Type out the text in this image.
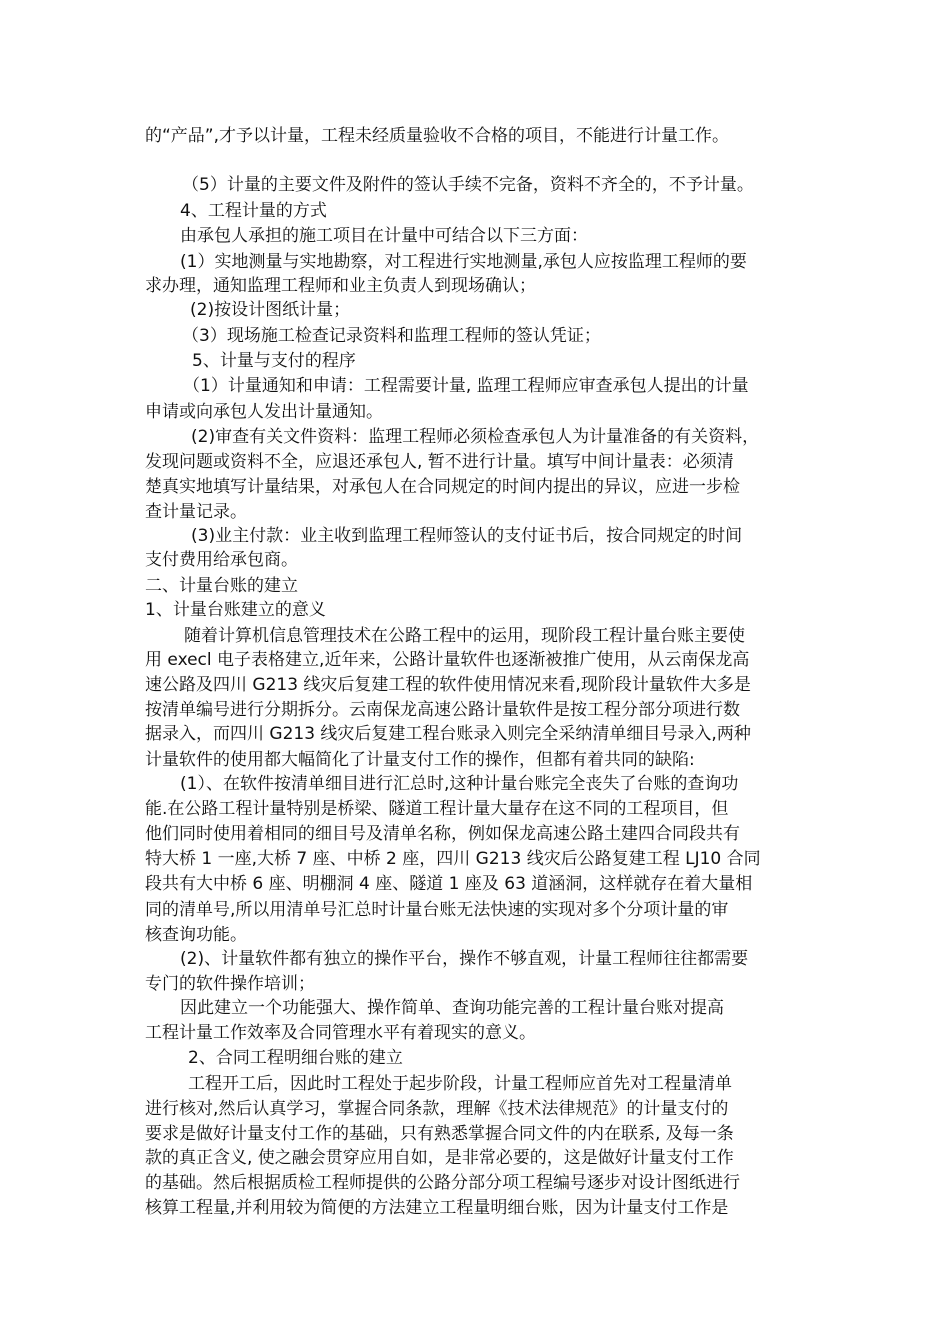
的“产品”,才予以计量，工程未经质量验收不合格的项目，不能进行计量工作。
（5）计量的主要文件及附件的签认手续不完备，资料不齐全的，不予计量。
4、工程计量的方式
由承包人承担的施工项目在计量中可结合以下三方面：
(1）实地测量与实地勘察，对工程进行实地测量,承包人应按监理工程师的要
求办理，通知监理工程师和业主负责人到现场确认；
(2)按设计图纸计量；
（3）现场施工检查记录资料和监理工程师的签认凭证；
5、计量与支付的程序
（1）计量通知和申请：工程需要计量, 监理工程师应审查承包人提出的计量
申请或向承包人发出计量通知。
(2)审查有关文件资料：监理工程师必须检查承包人为计量准备的有关资料，
发现问题或资料不全，应退还承包人, 暂不进行计量。填写中间计量表：必须清
楚真实地填写计量结果，对承包人在合同规定的时间内提出的异议，应进一步检
查计量记录。
(3)业主付款：业主收到监理工程师签认的支付证书后，按合同规定的时间
支付费用给承包商。
二、计量台账的建立
1、计量台账建立的意义
随着计算机信息管理技术在公路工程中的运用，现阶段工程计量台账主要使
用 execl 电子表格建立,近年来，公路计量软件也逐渐被推广使用，从云南保龙高
速公路及四川 G213 线灾后复建工程的软件使用情况来看,现阶段计量软件大多是
按清单编号进行分期拆分。云南保龙高速公路计量软件是按工程分部分项进行数
据录入，而四川 G213 线灾后复建工程台账录入则完全采纳清单细目号录入,两种
计量软件的使用都大幅简化了计量支付工作的操作，但都有着共同的缺陷:
(1）、在软件按清单细目进行汇总时,这种计量台账完全丧失了台账的查询功
能.在公路工程计量特别是桥梁、隧道工程计量大量存在这不同的工程项目，但
他们同时使用着相同的细目号及清单名称，例如保龙高速公路土建四合同段共有
特大桥 1 一座,大桥 7 座、中桥 2 座，四川 G213 线灾后公路复建工程 LJ10 合同
段共有大中桥 6 座、明棚洞 4 座、隧道 1 座及 63 道涵洞，这样就存在着大量相
同的清单号,所以用清单号汇总时计量台账无法快速的实现对多个分项计量的审
核查询功能。
(2)、计量软件都有独立的操作平台，操作不够直观，计量工程师往往都需要
专门的软件操作培训；
因此建立一个功能强大、操作简单、查询功能完善的工程计量台账对提高
工程计量工作效率及合同管理水平有着现实的意义。
2、合同工程明细台账的建立
工程开工后，因此时工程处于起步阶段，计量工程师应首先对工程量清单
进行核对,然后认真学习，掌握合同条款，理解《技术法律规范》的计量支付的
要求是做好计量支付工作的基础，只有熟悉掌握合同文件的内在联系, 及每一条
款的真正含义, 使之融会贯穿应用自如，是非常必要的，这是做好计量支付工作
的基础。然后根据质检工程师提供的公路分部分项工程编号逐步对设计图纸进行
核算工程量,并利用较为简便的方法建立工程量明细台账，因为计量支付工作是
